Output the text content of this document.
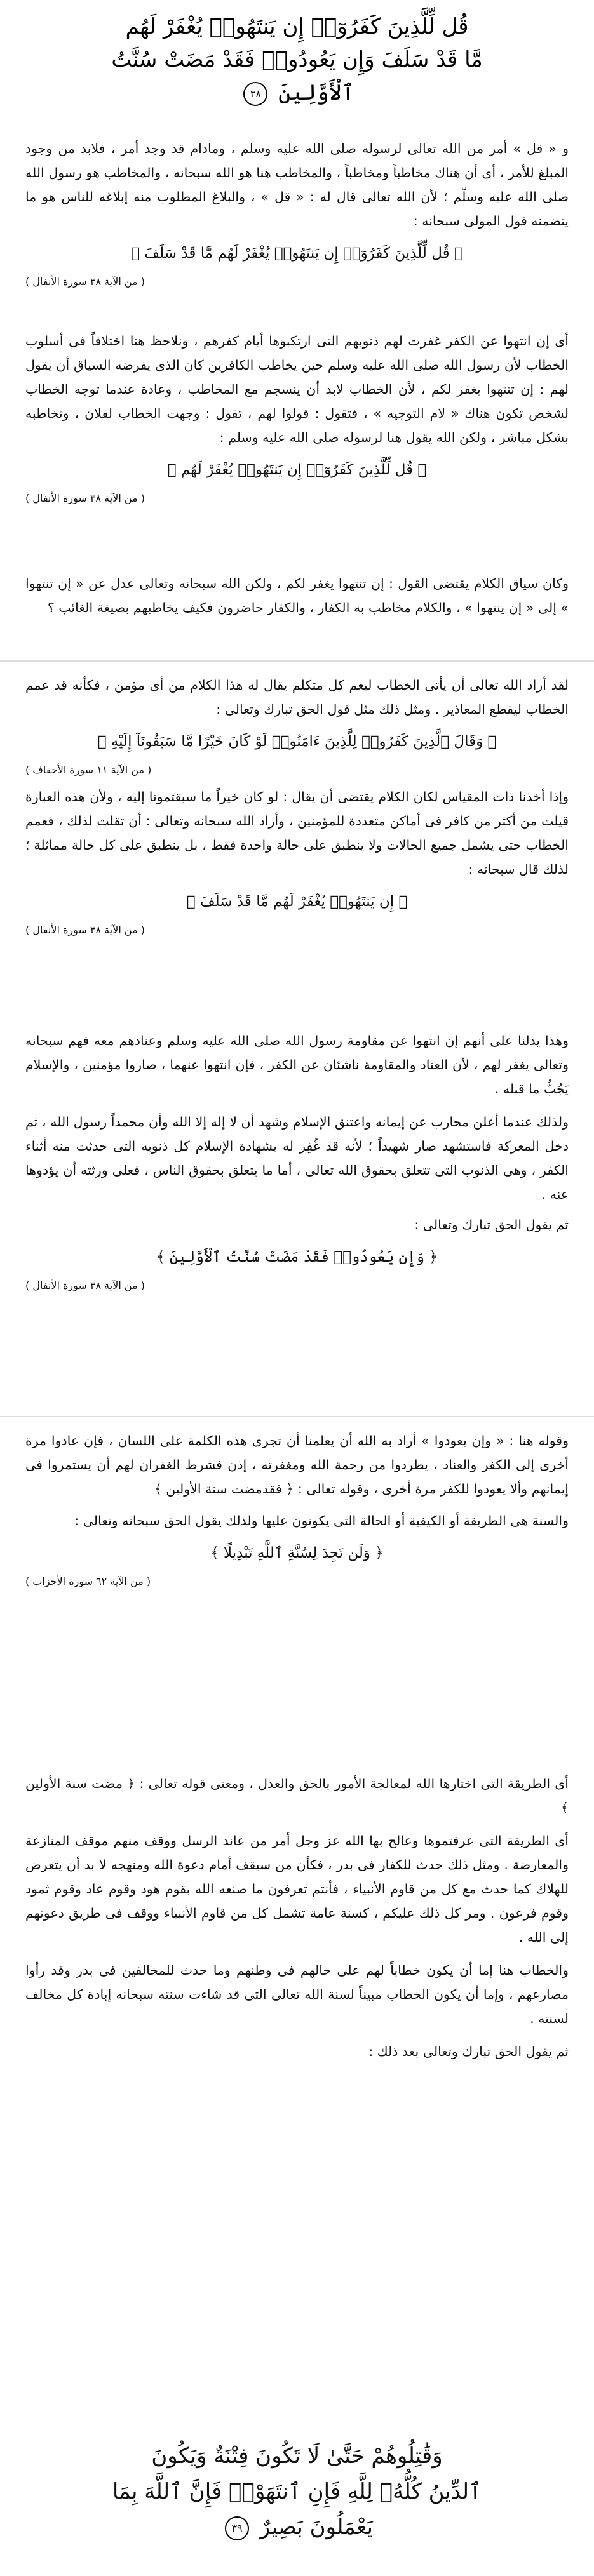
قُل لِّلَّذِينَ كَفَرُوٓا۟ إِن يَنتَهُوا۟ يُغْفَرْ لَهُم
مَّا قَدْ سَلَفَ وَإِن يَعُودُوا۟ فَقَدْ مَضَتْ سُنَّتُ
ٱلْأَوَّلِينَ ٣٨

و « قل » أمر من الله تعالى لرسوله صلى الله عليه وسلم ، ومادام قد وجد أمر ، فلابد من وجود المبلغ للأمر ، أى أن هناك مخاطباً ومخاطباً ، والمخاطب هنا هو الله سبحانه ، والمخاطب هو رسول الله صلى الله عليه وسلّم ؛ لأن الله تعالى قال له : « قل » ، والبلاغ المطلوب منه إبلاغه للناس هو ما يتضمنه قول المولى سبحانه :

﴿ قُل لِّلَّذِينَ كَفَرُوٓا۟ إِن يَنتَهُوا۟ يُغْفَرْ لَهُم مَّا قَدْ سَلَفَ ﴾
( من الآية ٣٨ سورة الأنفال )

أى إن انتهوا عن الكفر غفرت لهم ذنوبهم التى ارتكبوها أيام كفرهم ، ونلاحظ هنا اختلافاً فى أسلوب الخطاب لأن رسول الله صلى الله عليه وسلم حين يخاطب الكافرين كان الذى يفرضه السياق أن يقول لهم : إن تنتهوا يغفر لكم ، لأن الخطاب لابد أن ينسجم مع المخاطب ، وعادة عندما توجه الخطاب لشخص تكون هناك « لام التوجيه » ، فتقول : قولوا لهم ، تقول : وجهت الخطاب لفلان ، وتخاطبه بشكل مباشر ، ولكن الله يقول هنا لرسوله صلى الله عليه وسلم :

﴿ قُل لِّلَّذِينَ كَفَرُوٓا۟ إِن يَنتَهُوا۟ يُغْفَرْ لَهُم ﴾
( من الآية ٣٨ سورة الأنفال )

وكان سياق الكلام يقتضى القول : إن تنتهوا يغفر لكم ، ولكن الله سبحانه وتعالى عدل عن « إن تنتهوا » إلى « إن ينتهوا » ، والكلام مخاطب به الكفار ، والكفار حاضرون فكيف يخاطبهم بصيغة الغائب ؟

لقد أراد الله تعالى أن يأتى الخطاب ليعم كل متكلم يقال له هذا الكلام من أى مؤمن ، فكأنه قد عمم الخطاب ليقطع المعاذير . ومثل ذلك مثل قول الحق تبارك وتعالى :

﴿ وَقَالَ ٱلَّذِينَ كَفَرُوا۟ لِلَّذِينَ ءَامَنُوا۟ لَوْ كَانَ خَيْرًا مَّا سَبَقُونَآ إِلَيْهِ ﴾
( من الآية ١١ سورة الأحقاف )

وإذا أخذنا ذات المقياس لكان الكلام يقتضى أن يقال : لو كان خيراً ما سبقتمونا إليه ، ولأن هذه العبارة قيلت من أكثر من كافر فى أماكن متعددة للمؤمنين ، وأراد الله سبحانه وتعالى : أن تقلت لذلك ، فعمم الخطاب حتى يشمل جميع الحالات ولا ينطبق على حالة واحدة فقط ، بل ينطبق على كل حالة مماثلة ؛ لذلك قال سبحانه :

﴿ إِن يَنتَهُوا۟ يُغْفَرْ لَهُم مَّا قَدْ سَلَفَ ﴾
( من الآية ٣٨ سورة الأنفال )

وهذا يدلنا على أنهم إن انتهوا عن مقاومة رسول الله صلى الله عليه وسلم وعنادهم معه فهم سبحانه وتعالى يغفر لهم ، لأن العناد والمقاومة ناشئان عن الكفر ، فإن انتهوا عنهما ، صاروا مؤمنين ، والإسلام يَجُبُّ ما قبله .

ولذلك عندما أعلن محارب عن إيمانه واعتنق الإسلام وشهد أن لا إله إلا الله وأن محمداً رسول الله ، ثم دخل المعركة فاستشهد صار شهيداً ؛ لأنه قد غُفِر له بشهادة الإسلام كل ذنوبه التى حدثت منه أثناء الكفر ، وهى الذنوب التى تتعلق بحقوق الله تعالى ، أما ما يتعلق بحقوق الناس ، فعلى ورثته أن يؤدوها عنه .

ثم يقول الحق تبارك وتعالى :

﴿ وَإِن يَعُودُوا۟ فَقَدْ مَضَتْ سُنَّتُ ٱلْأَوَّلِينَ ﴾
( من الآية ٣٨ سورة الأنفال )

وقوله هنا : « وإن يعودوا » أراد به الله أن يعلمنا أن تجرى هذه الكلمة على اللسان ، فإن عادوا مرة أخرى إلى الكفر والعناد ، يطردوا من رحمة الله ومغفرته ، إذن فشرط الغفران لهم أن يستمروا فى إيمانهم وألا يعودوا للكفر مرة أخرى ، وقوله تعالى : ﴿ فقدمضت سنة الأولين ﴾

والسنة هى الطريقة أو الكيفية أو الحالة التى يكونون عليها ولذلك يقول الحق سبحانه وتعالى :

﴿ وَلَن تَجِدَ لِسُنَّةِ ٱللَّهِ تَبْدِيلًا ﴾
( من الآية ٦٢ سورة الأحزاب )

أى الطريقة التى اختارها الله لمعالجة الأمور بالحق والعدل ، ومعنى قوله تعالى : ﴿ مضت سنة الأولين ﴾

أى الطريقة التى عرفتموها وعالج بها الله عز وجل أمر من عاند الرسل ووقف منهم موقف المنازعة والمعارضة . ومثل ذلك حدث للكفار فى بدر ، فكأن من سيقف أمام دعوة الله ومنهجه لا بد أن يتعرض للهلاك كما حدث مع كل من قاوم الأنبياء ، فأنتم تعرفون ما صنعه الله بقوم هود وقوم عاد وقوم ثمود وقوم فرعون . ومر كل ذلك عليكم ، كسنة عامة تشمل كل من قاوم الأنبياء ووقف فى طريق دعوتهم إلى الله .

والخطاب هنا إما أن يكون خطاباً لهم على حالهم فى وطنهم وما حدث للمخالفين فى بدر وقد رأوا مصارعهم ، وإما أن يكون الخطاب مبيناً لسنة الله تعالى التى قد شاءت سنته سبحانه إبادة كل مخالف لسنته .

ثم يقول الحق تبارك وتعالى بعد ذلك :

وَقَٰتِلُوهُمْ حَتَّىٰ لَا تَكُونَ فِتْنَةٌ وَيَكُونَ
ٱلدِّينُ كُلُّهُۥ لِلَّهِ فَإِنِ ٱنتَهَوْا۟ فَإِنَّ ٱللَّهَ بِمَا
يَعْمَلُونَ بَصِيرٌ ٣٩
